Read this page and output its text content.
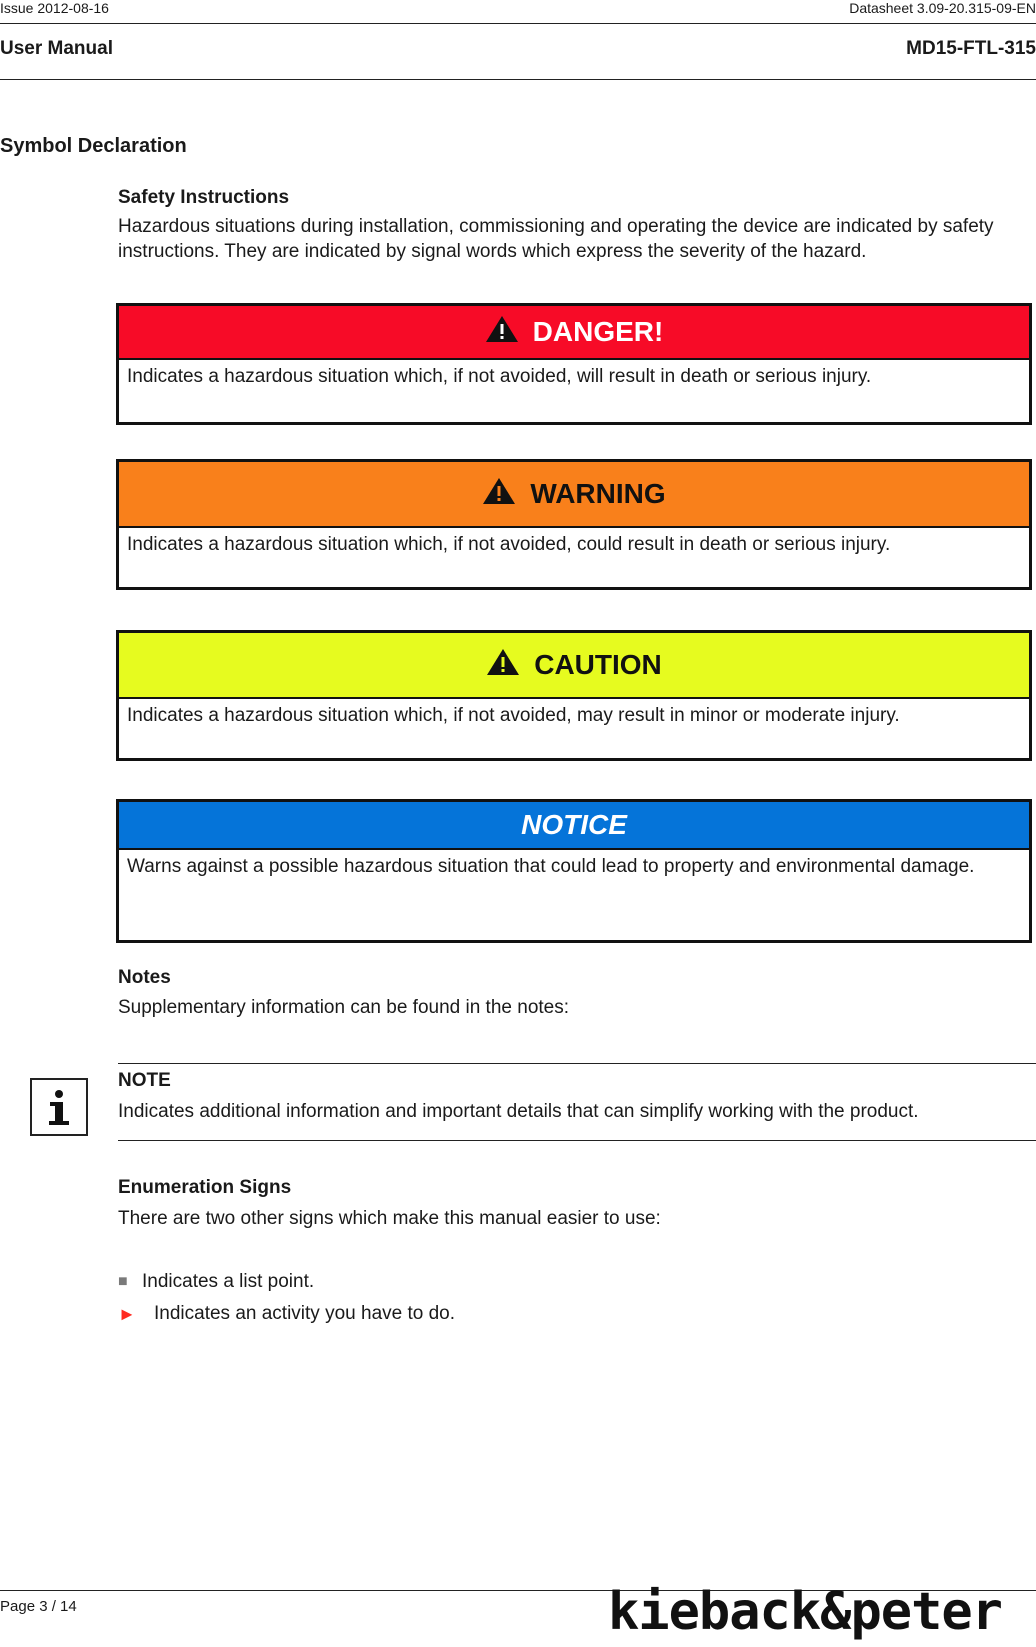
Issue 2012-08-16	Datasheet 3.09-20.315-09-EN
User Manual	MD15-FTL-315
Symbol Declaration
Safety Instructions
Hazardous situations during installation, commissioning and operating the device are indicated by safety instructions. They are indicated by signal words which express the severity of the hazard.
DANGER!
Indicates a hazardous situation which, if not avoided, will result in death or serious injury.
WARNING
Indicates a hazardous situation which, if not avoided, could result in death or serious injury.
CAUTION
Indicates a hazardous situation which, if not avoided, may result in minor or moderate injury.
NOTICE
Warns against a possible hazardous situation that could lead to property and environmental damage.
Notes
Supplementary information can be found in the notes:
NOTE
Indicates additional information and important details that can simplify working with the product.
Enumeration Signs
There are two other signs which make this manual easier to use:
■ Indicates a list point.
► Indicates an activity you have to do.
Page 3 / 14	kieback&peter
